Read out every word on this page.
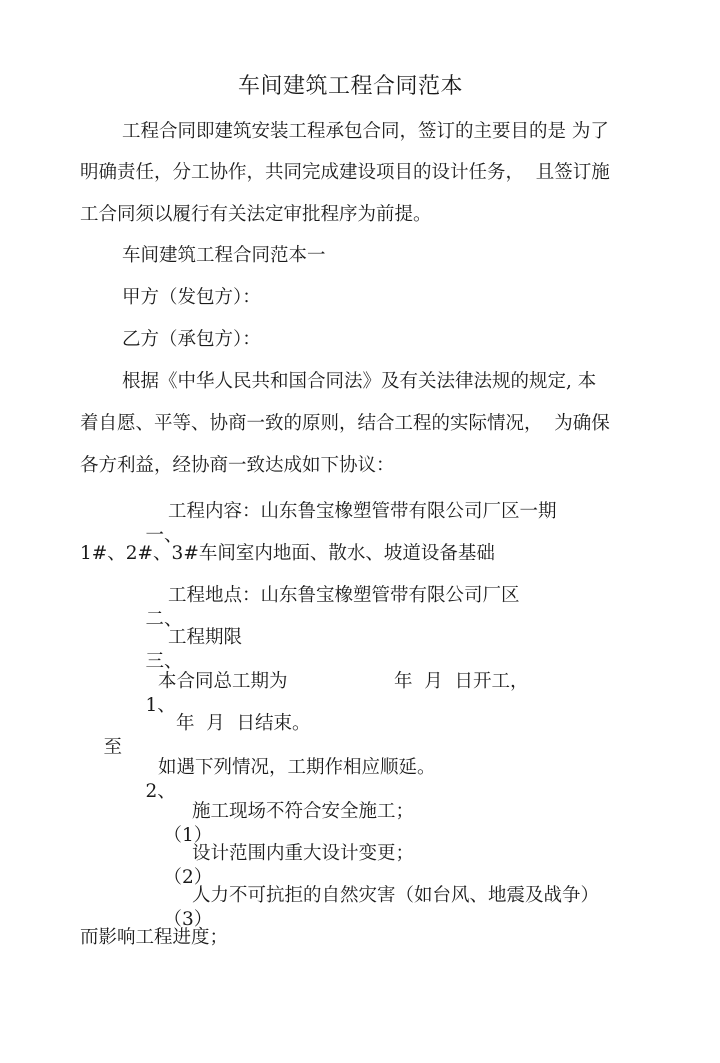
车间建筑工程合同范本
工程合同即建筑安装工程承包合同，签订的主要目的是 为了
明确责任，分工协作，共同完成建设项目的设计任务，  且签订施
工合同须以履行有关法定审批程序为前提。
车间建筑工程合同范本一
甲方（发包方）：
乙方（承包方）：
根据《中华人民共和国合同法》及有关法律法规的规定, 本
着自愿、平等、协商一致的原则，结合工程的实际情况，  为确保
各方利益，经协商一致达成如下协议：

一、
工程内容：山东鲁宝橡塑管带有限公司厂区一期

1#、2#、3#车间室内地面、散水、坡道设备基础

二、
工程地点：山东鲁宝橡塑管带有限公司厂区

三、
工程期限

1、
本合同总工期为	年  月  日开工，

至
年  月  日结束。

2、
如遇下列情况，工期作相应顺延。

（1）
施工现场不符合安全施工；

（2）
设计范围内重大设计变更；

（3）
人力不可抗拒的自然灾害（如台风、地震及战争）

而影响工程进度；
